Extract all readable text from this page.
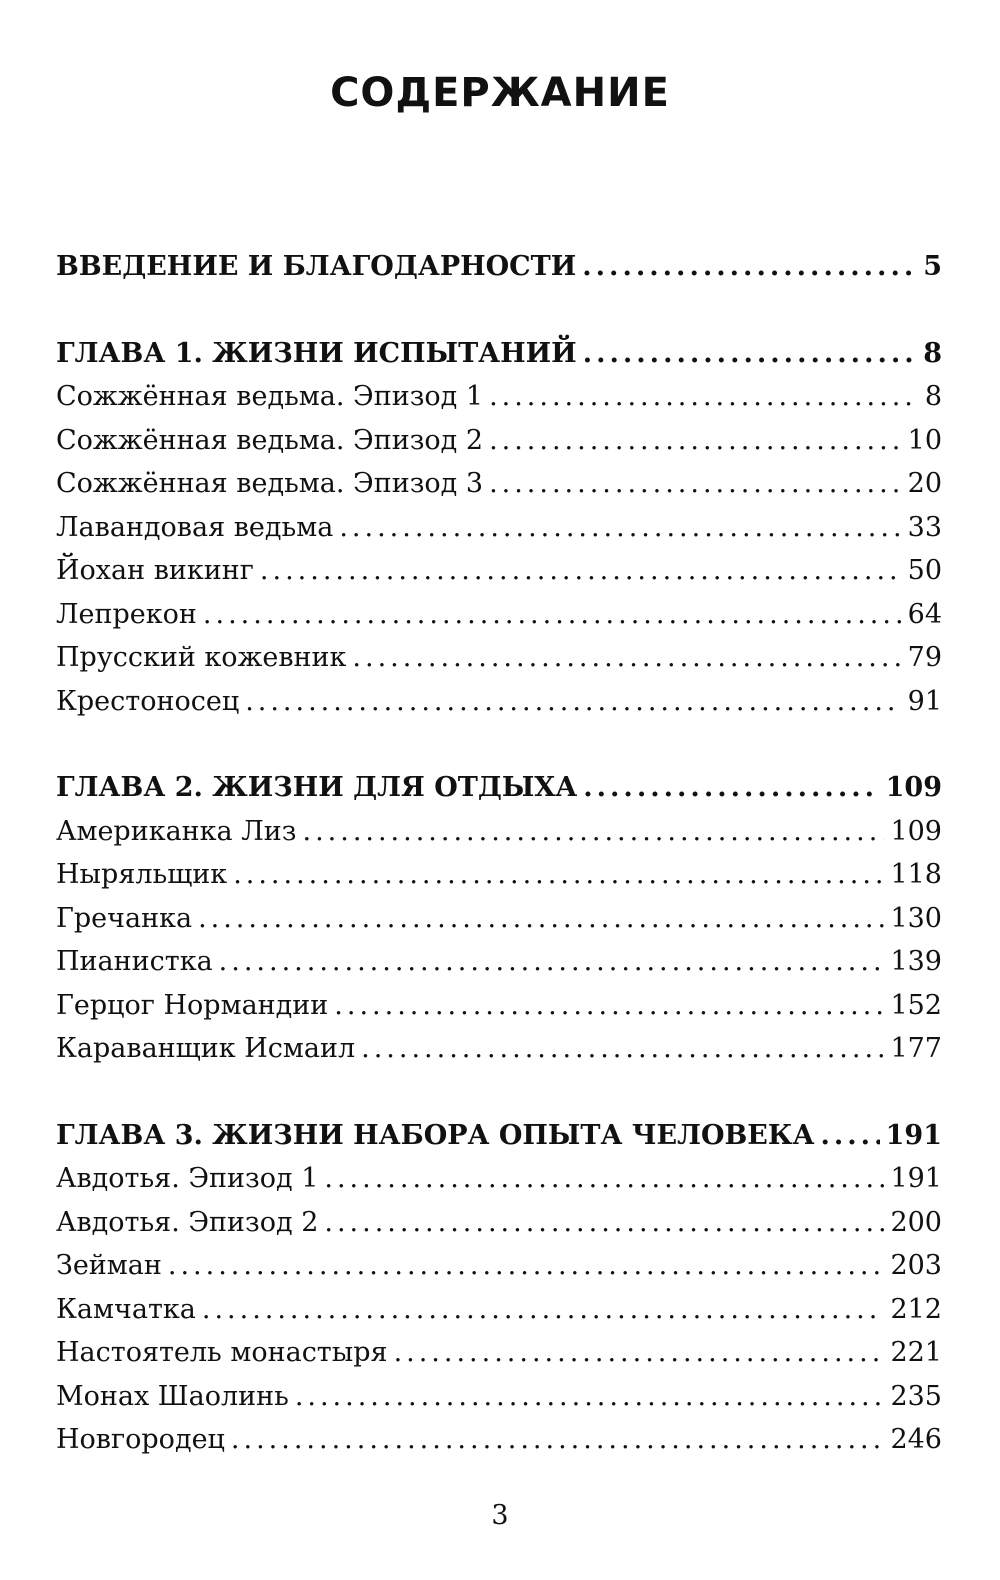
СОДЕРЖАНИЕ
ВВЕДЕНИЕ И БЛАГОДАРНОСТИ .....	5
ГЛАВА 1. ЖИЗНИ ИСПЫТАНИЙ .....	8
Сожжённая ведьма. Эпизод 1 .....	8
Сожжённая ведьма. Эпизод 2 .....	10
Сожжённая ведьма. Эпизод 3 .....	20
Лавандовая ведьма .....	33
Йохан викинг .....	50
Лепрекон .....	64
Прусский кожевник .....	79
Крестоносец .....	91
ГЛАВА 2. ЖИЗНИ ДЛЯ ОТДЫХА .....	109
Американка Лиз .....	109
Ныряльщик .....	118
Гречанка .....	130
Пианистка .....	139
Герцог Нормандии .....	152
Караванщик Исмаил .....	177
ГЛАВА 3. ЖИЗНИ НАБОРА ОПЫТА ЧЕЛОВЕКА .....	191
Авдотья. Эпизод 1 .....	191
Авдотья. Эпизод 2 .....	200
Зейман .....	203
Камчатка .....	212
Настоятель монастыря .....	221
Монах Шаолинь .....	235
Новгородец .....	246
3
